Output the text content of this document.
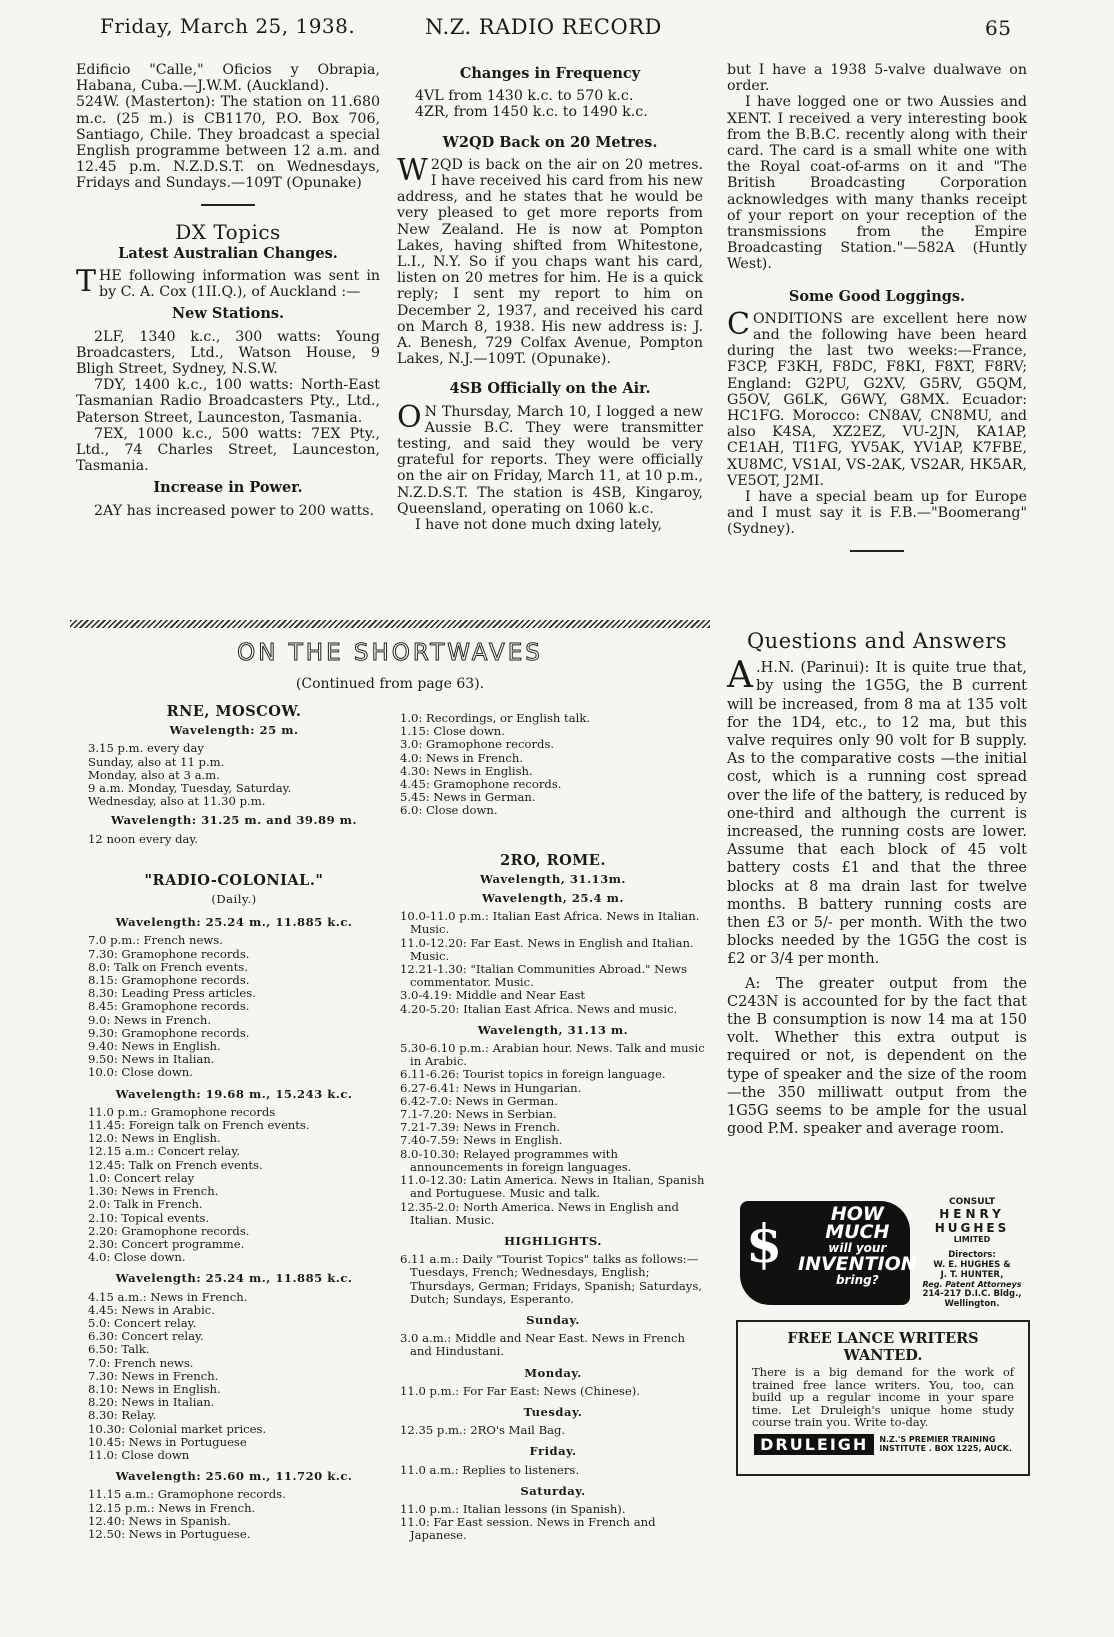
Friday, March 25, 1938.	N.Z. RADIO RECORD	65

Edificio "Calle," Oficios y Obrapia, Habana, Cuba.—J.W.M. (Auckland).

524W. (Masterton): The station on 11.680 m.c. (25 m.) is CB1170, P.O. Box 706, Santiago, Chile. They broadcast a special English programme between 12 a.m. and 12.45 p.m. N.Z.D.S.T. on Wednesdays, Fridays and Sundays.—109T (Opunake)

DX Topics
Latest Australian Changes.

THE following information was sent in by C. A. Cox (1II.Q.), of Auckland :—

New Stations.

2LF, 1340 k.c., 300 watts: Young Broadcasters, Ltd., Watson House, 9 Bligh Street, Sydney, N.S.W.

7DY, 1400 k.c., 100 watts: North-East Tasmanian Radio Broadcasters Pty., Ltd., Paterson Street, Launceston, Tasmania.

7EX, 1000 k.c., 500 watts: 7EX Pty., Ltd., 74 Charles Street, Launceston, Tasmania.

Increase in Power.

2AY has increased power to 200 watts.

Changes in Frequency

4VL from 1430 k.c. to 570 k.c.

4ZR, from 1450 k.c. to 1490 k.c.

W2QD Back on 20 Metres.

W 2QD is back on the air on 20 metres. I have received his card from his new address, and he states that he would be very pleased to get more reports from New Zealand. He is now at Pompton Lakes, having shifted from Whitestone, L.I., N.Y. So if you chaps want his card, listen on 20 metres for him. He is a quick reply; I sent my report to him on December 2, 1937, and received his card on March 8, 1938. His new address is: J. A. Benesh, 729 Colfax Avenue, Pompton Lakes, N.J.—109T. (Opunake).

4SB Officially on the Air.

O N Thursday, March 10, I logged a new Aussie B.C. They were transmitter testing, and said they would be very grateful for reports. They were officially on the air on Friday, March 11, at 10 p.m., N.Z.D.S.T. The station is 4SB, Kingaroy, Queensland, operating on 1060 k.c.

I have not done much dxing lately,

but I have a 1938 5-valve dualwave on order.

I have logged one or two Aussies and XENT. I received a very interesting book from the B.B.C. recently along with their card. The card is a small white one with the Royal coat-of-arms on it and "The British Broadcasting Corporation acknowledges with many thanks receipt of your report on your reception of the transmissions from the Empire Broadcasting Station."—582A (Huntly West).

Some Good Loggings.

CONDITIONS are excellent here now and the following have been heard during the last two weeks:—France, F3CP, F3KH, F8DC, F8KI, F8XT, F8RV; England: G2PU, G2XV, G5RV, G5QM, G5OV, G6LK, G6WY, G8MX. Ecuador: HC1FG. Morocco: CN8AV, CN8MU, and also K4SA, XZ2EZ, VU-2JN, KA1AP, CE1AH, TI1FG, YV5AK, YV1AP, K7FBE, XU8MC, VS1AI, VS-2AK, VS2AR, HK5AR, VE5OT, J2MI.

I have a special beam up for Europe and I must say it is F.B.—"Boomerang" (Sydney).

ON THE SHORTWAVES
(Continued from page 63).
RNE, MOSCOW.
Wavelength: 25 m.

3.15 p.m. every day

Sunday, also at 11 p.m.

Monday, also at 3 a.m.

9 a.m. Monday, Tuesday, Saturday.

Wednesday, also at 11.30 p.m.

Wavelength: 31.25 m. and 39.89 m.

12 noon every day.

"RADIO-COLONIAL."
(Daily.)
Wavelength: 25.24 m., 11.885 k.c.

7.0 p.m.: French news.

7.30: Gramophone records.

8.0: Talk on French events.

8.15: Gramophone records.

8.30: Leading Press articles.

8.45: Gramophone records.

9.0: News in French.

9.30: Gramophone records.

9.40: News in English.

9.50: News in Italian.

10.0: Close down.

Wavelength: 19.68 m., 15.243 k.c.

11.0 p.m.: Gramophone records

11.45: Foreign talk on French events.

12.0: News in English.

12.15 a.m.: Concert relay.

12.45: Talk on French events.

1.0: Concert relay

1.30: News in French.

2.0: Talk in French.

2.10: Topical events.

2.20: Gramophone records.

2.30: Concert programme.

4.0: Close down.

Wavelength: 25.24 m., 11.885 k.c.

4.15 a.m.: News in French.

4.45: News in Arabic.

5.0: Concert relay.

6.30: Concert relay.

6.50: Talk.

7.0: French news.

7.30: News in French.

8.10: News in English.

8.20: News in Italian.

8.30: Relay.

10.30: Colonial market prices.

10.45: News in Portuguese

11.0: Close down

Wavelength: 25.60 m., 11.720 k.c.

11.15 a.m.: Gramophone records.

12.15 p.m.: News in French.

12.40: News in Spanish.

12.50: News in Portuguese.

1.0: Recordings, or English talk.

1.15: Close down.

3.0: Gramophone records.

4.0: News in French.

4.30: News in English.

4.45: Gramophone records.

5.45: News in German.

6.0: Close down.

2RO, ROME.
Wavelength, 31.13m.
Wavelength, 25.4 m.

10.0-11.0 p.m.: Italian East Africa. News in Italian. Music.

11.0-12.20: Far East. News in English and Italian. Music.

12.21-1.30: "Italian Communities Abroad." News commentator. Music.

3.0-4.19: Middle and Near East

4.20-5.20: Italian East Africa. News and music.

Wavelength, 31.13 m.

5.30-6.10 p.m.: Arabian hour. News. Talk and music in Arabic.

6.11-6.26: Tourist topics in foreign language.

6.27-6.41: News in Hungarian.

6.42-7.0: News in German.

7.1-7.20: News in Serbian.

7.21-7.39: News in French.

7.40-7.59: News in English.

8.0-10.30: Relayed programmes with announcements in foreign languages.

11.0-12.30: Latin America. News in Italian, Spanish and Portuguese. Music and talk.

12.35-2.0: North America. News in English and Italian. Music.

HIGHLIGHTS.

6.11 a.m.: Daily "Tourist Topics" talks as follows:—Tuesdays, French; Wednesdays, English; Thursdays, German; Fridays, Spanish; Saturdays, Dutch; Sundays, Esperanto.

Sunday.

3.0 a.m.: Middle and Near East. News in French and Hindustani.

Monday.

11.0 p.m.: For Far East: News (Chinese).

Tuesday.

12.35 p.m.: 2RO's Mail Bag.

Friday.

11.0 a.m.: Replies to listeners.

Saturday.

11.0 p.m.: Italian lessons (in Spanish).

11.0: Far East session. News in French and Japanese.

Questions and Answers

A .H.N. (Parinui): It is quite true that, by using the 1G5G, the B current will be increased, from 8 ma at 135 volt for the 1D4, etc., to 12 ma, but this valve requires only 90 volt for B supply. As to the comparative costs —the initial cost, which is a running cost spread over the life of the battery, is reduced by one-third and although the current is increased, the running costs are lower. Assume that each block of 45 volt battery costs £1 and that the three blocks at 8 ma drain last for twelve months. B battery running costs are then £3 or 5/- per month. With the two blocks needed by the 1G5G the cost is £2 or 3/4 per month.

A: The greater output from the C243N is accounted for by the fact that the B consumption is now 14 ma at 150 volt. Whether this extra output is required or not, is dependent on the type of speaker and the size of the room—the 350 milliwatt output from the 1G5G seems to be ample for the usual good P.M. speaker and average room.

HOW
MUCH
will your
INVENTION
bring?
$
CONSULT
HENRY
HUGHES
LIMITED
Directors:
W. E. HUGHES &
J. T. HUNTER,
Reg. Patent Attorneys
214-217 D.I.C. Bldg.,
Wellington.
FREE LANCE WRITERS
WANTED.
There is a big demand for the work of trained free lance writers. You, too, can build up a regular income in your spare time. Let Druleigh's unique home study course train you. Write to-day.
DRULEIGH	N.Z.'S PREMIER TRAINING
INSTITUTE . BOX 1225, AUCK.
